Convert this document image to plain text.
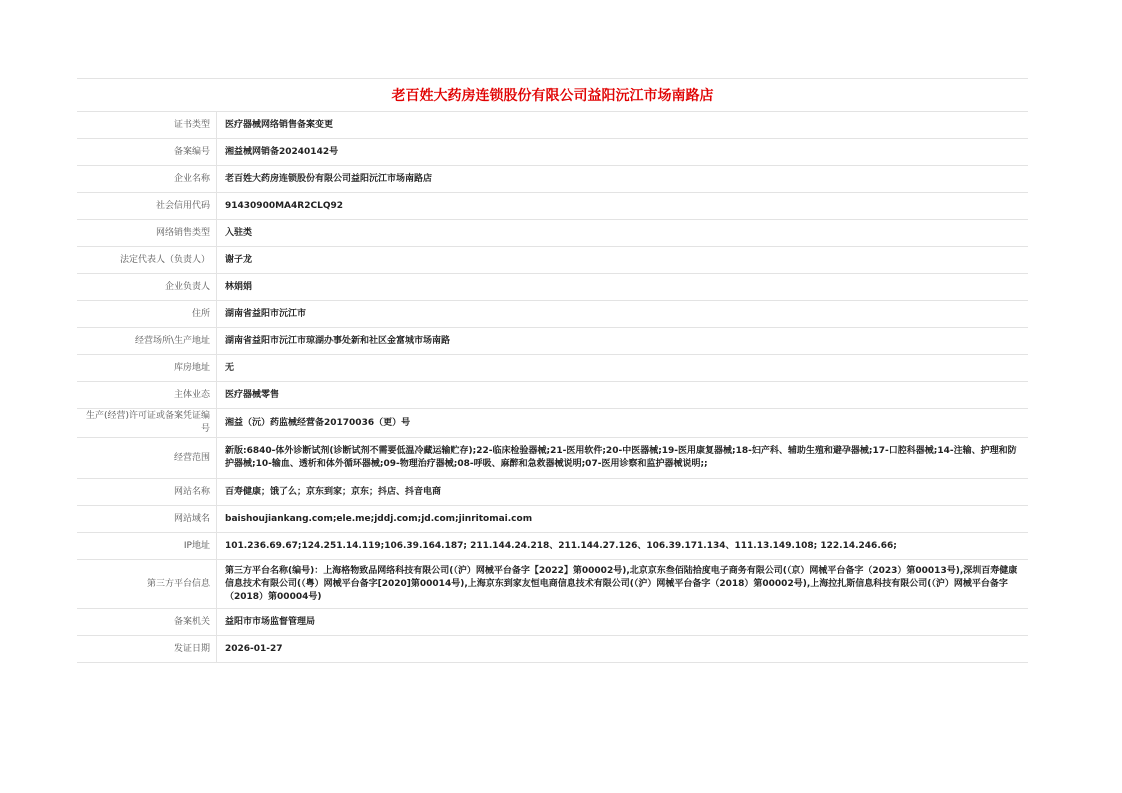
老百姓大药房连锁股份有限公司益阳沅江市场南路店
证书类型	医疗器械网络销售备案变更
备案编号	湘益械网销备20240142号
企业名称	老百姓大药房连锁股份有限公司益阳沅江市场南路店
社会信用代码	91430900MA4R2CLQ92
网络销售类型	入驻类
法定代表人（负责人）	谢子龙
企业负责人	林娟娟
住所	湖南省益阳市沅江市
经营场所\生产地址	湖南省益阳市沅江市琼湖办事处新和社区金富城市场南路
库房地址	无
主体业态	医疗器械零售
生产(经营)许可证或备案凭证编号	湘益（沅）药监械经营备20170036（更）号
经营范围	新版:6840-体外诊断试剂(诊断试剂不需要低温冷藏运输贮存);22-临床检验器械;21-医用软件;20-中医器械;19-医用康复器械;18-妇产科、辅助生殖和避孕器械;17-口腔科器械;14-注输、护理和防护器械;10-输血、透析和体外循环器械;09-物理治疗器械;08-呼吸、麻醉和急救器械说明;07-医用诊察和监护器械说明;;
网站名称	百寿健康；饿了么；京东到家；京东；抖店、抖音电商
网站域名	baishoujiankang.com;ele.me;jddj.com;jd.com;jinritomai.com
IP地址	101.236.69.67;124.251.14.119;106.39.164.187; 211.144.24.218、211.144.27.126、106.39.171.134、111.13.149.108; 122.14.246.66;
第三方平台信息	第三方平台名称(编号)：上海格物致品网络科技有限公司(（沪）网械平台备字【2022】第00002号),北京京东叁佰陆拾度电子商务有限公司(（京）网械平台备字（2023）第00013号),深圳百寿健康信息技术有限公司(（粤）网械平台备字[2020]第00014号),上海京东到家友恒电商信息技术有限公司(（沪）网械平台备字（2018）第00002号),上海拉扎斯信息科技有限公司(（沪）网械平台备字（2018）第00004号)
备案机关	益阳市市场监督管理局
发证日期	2026-01-27
